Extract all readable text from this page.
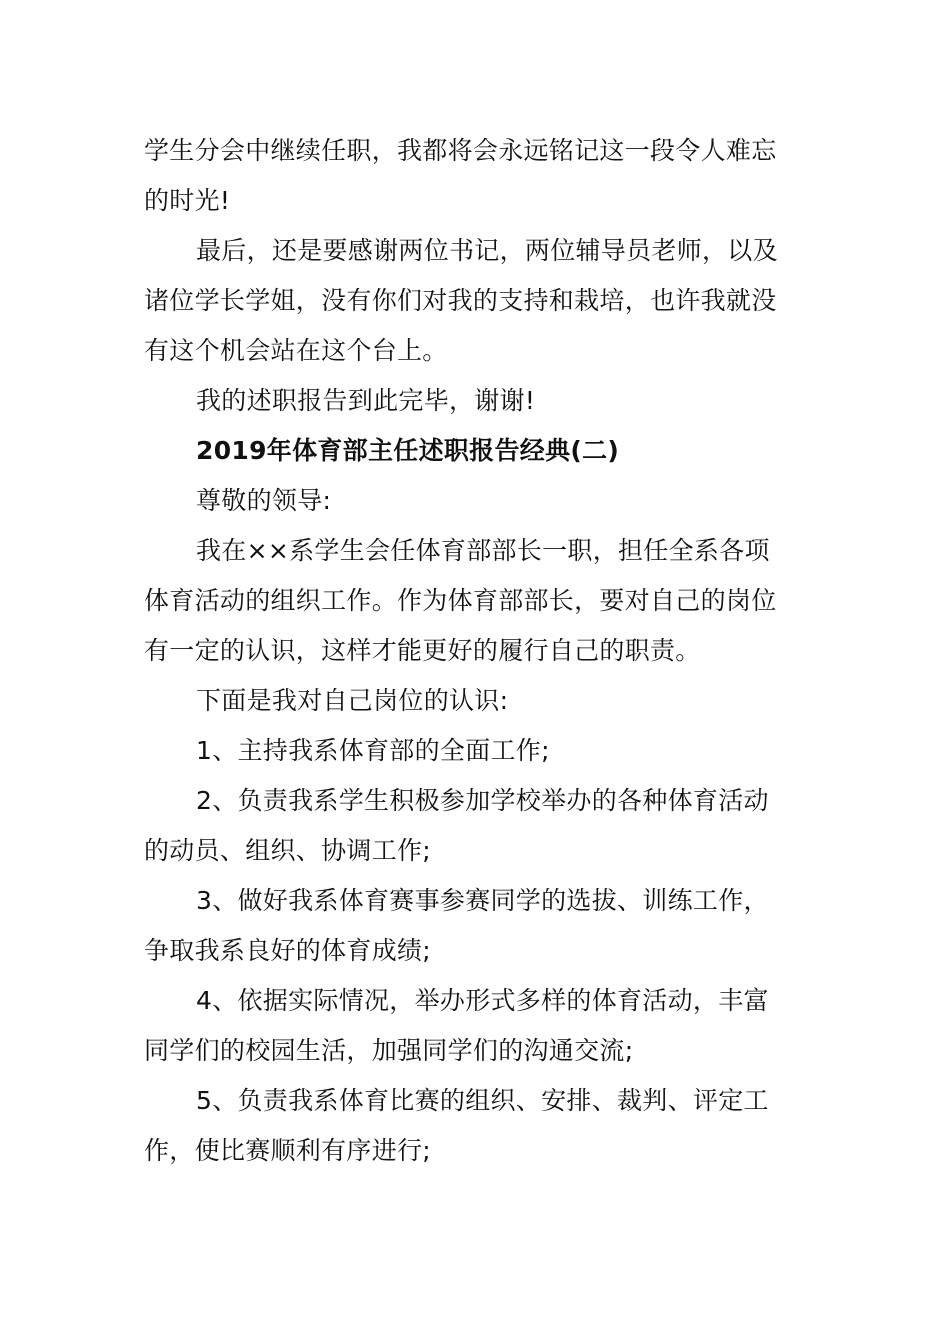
学生分会中继续任职，我都将会永远铭记这一段令人难忘
的时光!
最后，还是要感谢两位书记，两位辅导员老师，以及
诸位学长学姐，没有你们对我的支持和栽培，也许我就没
有这个机会站在这个台上。
我的述职报告到此完毕，谢谢!
2019年体育部主任述职报告经典(二)
尊敬的领导:
我在××系学生会任体育部部长一职，担任全系各项
体育活动的组织工作。作为体育部部长，要对自己的岗位
有一定的认识，这样才能更好的履行自己的职责。
下面是我对自己岗位的认识:
1、主持我系体育部的全面工作;
2、负责我系学生积极参加学校举办的各种体育活动
的动员、组织、协调工作;
3、做好我系体育赛事参赛同学的选拔、训练工作，
争取我系良好的体育成绩;
4、依据实际情况，举办形式多样的体育活动，丰富
同学们的校园生活，加强同学们的沟通交流;
5、负责我系体育比赛的组织、安排、裁判、评定工
作，使比赛顺利有序进行;
